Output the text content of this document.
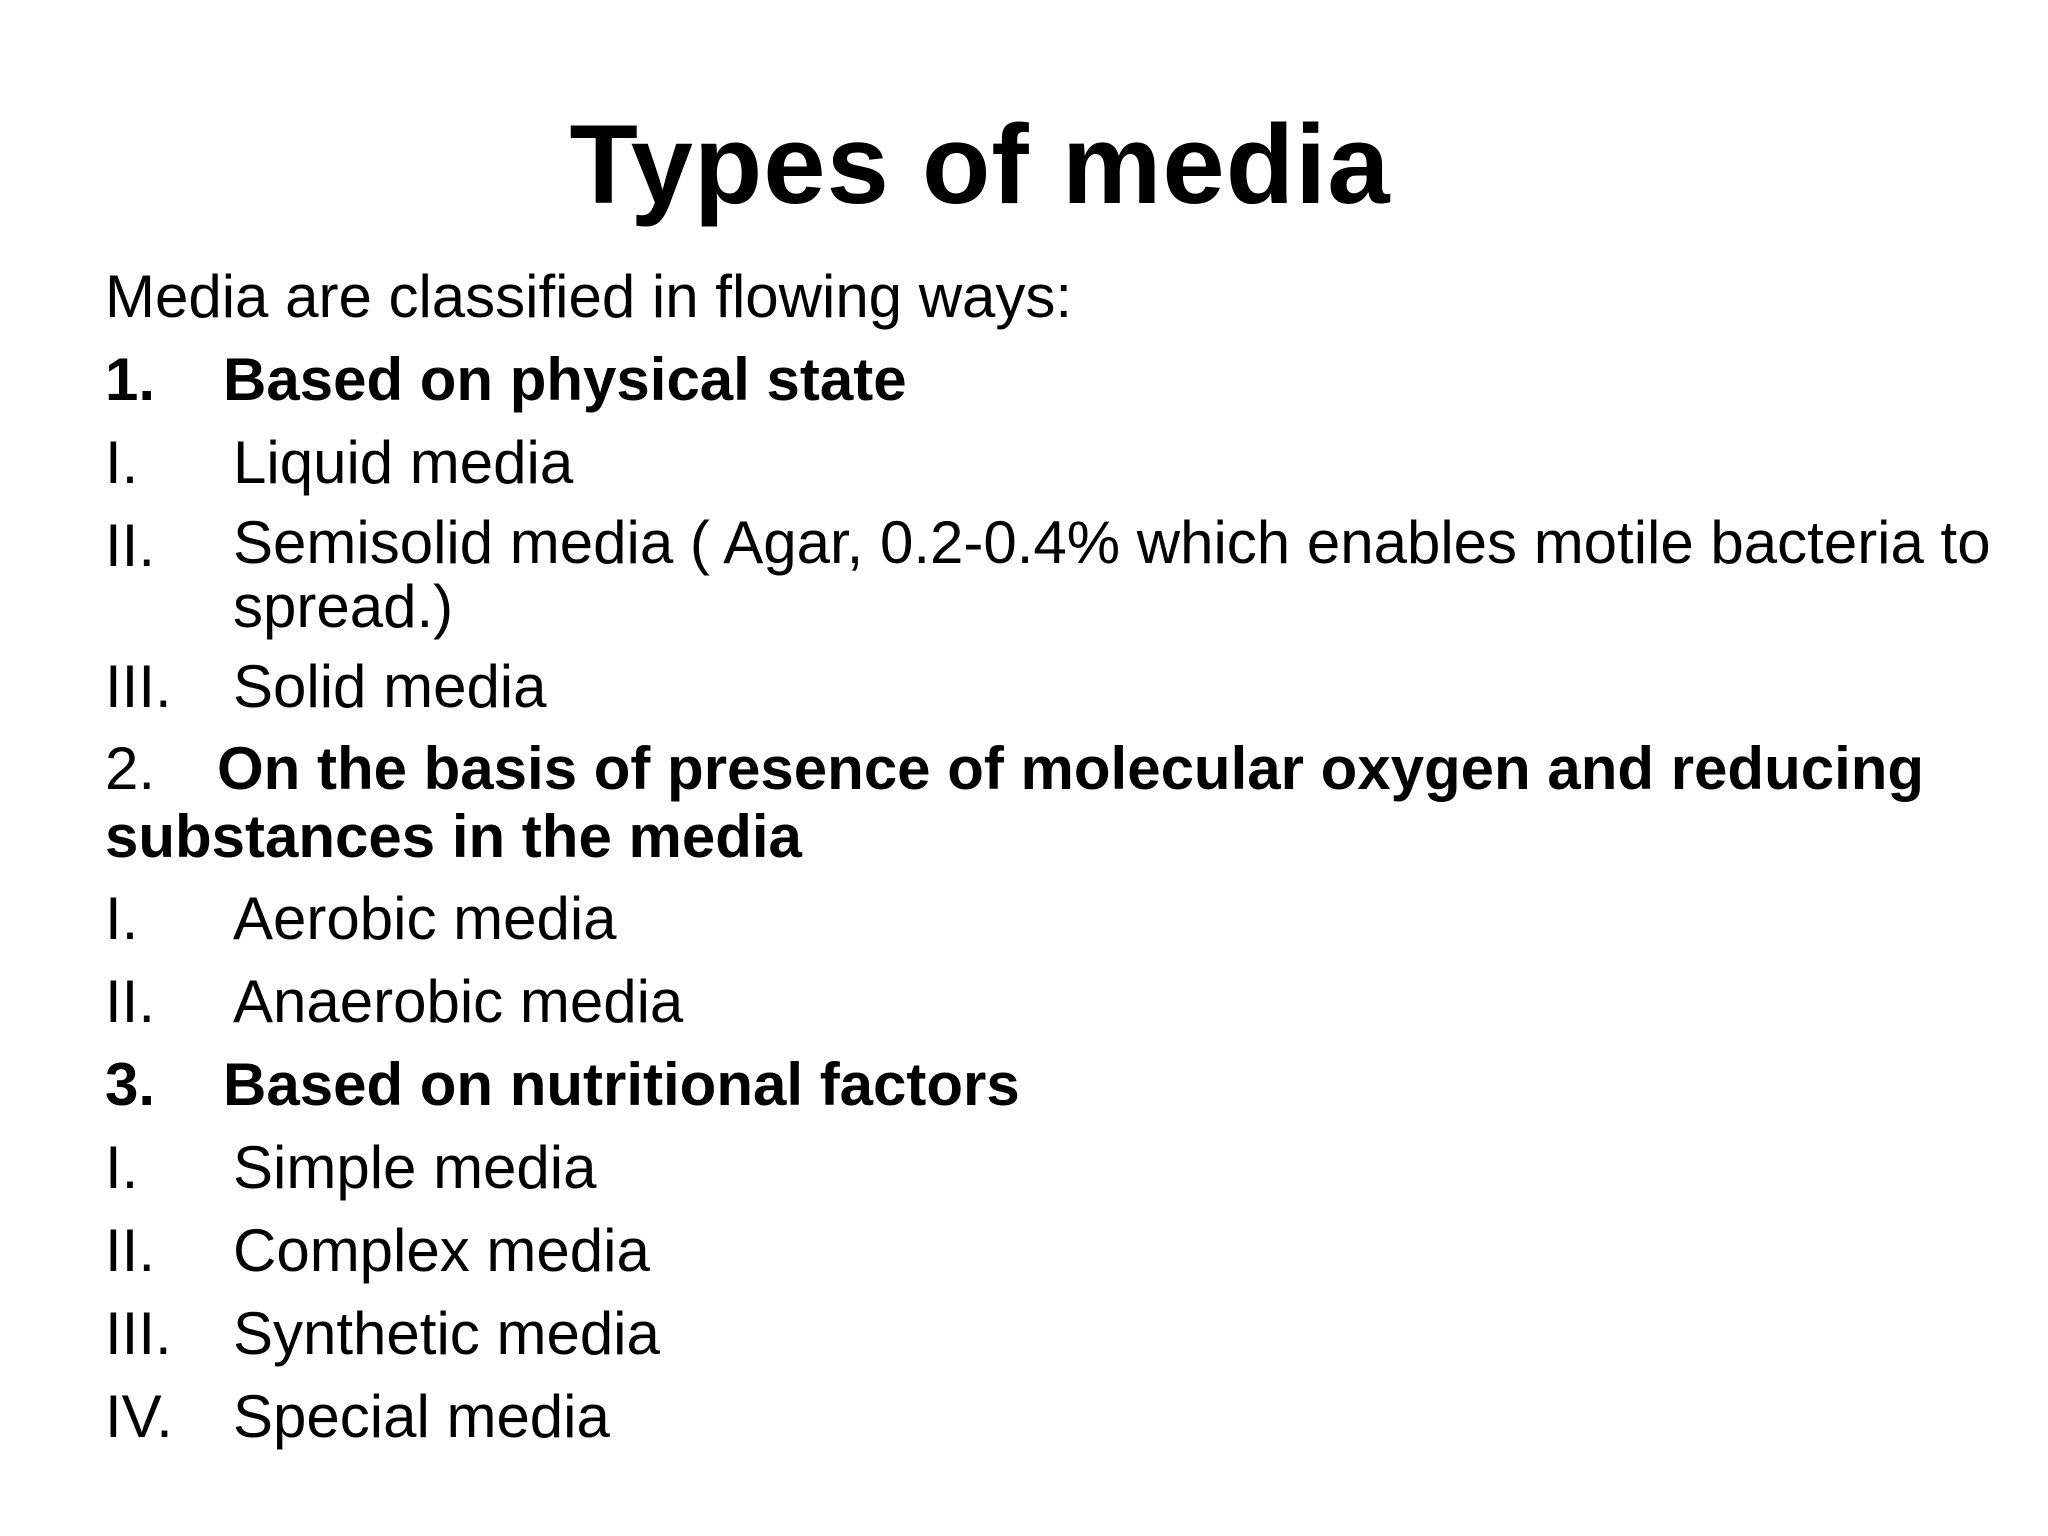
Types of media
Media are classified in flowing ways:
1. Based on physical state
I. Liquid media
II. Semisolid media ( Agar, 0.2-0.4% which enables motile bacteria to spread.)
III. Solid media
2. On the basis of presence of molecular oxygen and reducing substances in the media
I. Aerobic media
II. Anaerobic media
3. Based on nutritional factors
I. Simple media
II. Complex media
III. Synthetic media
IV. Special media
